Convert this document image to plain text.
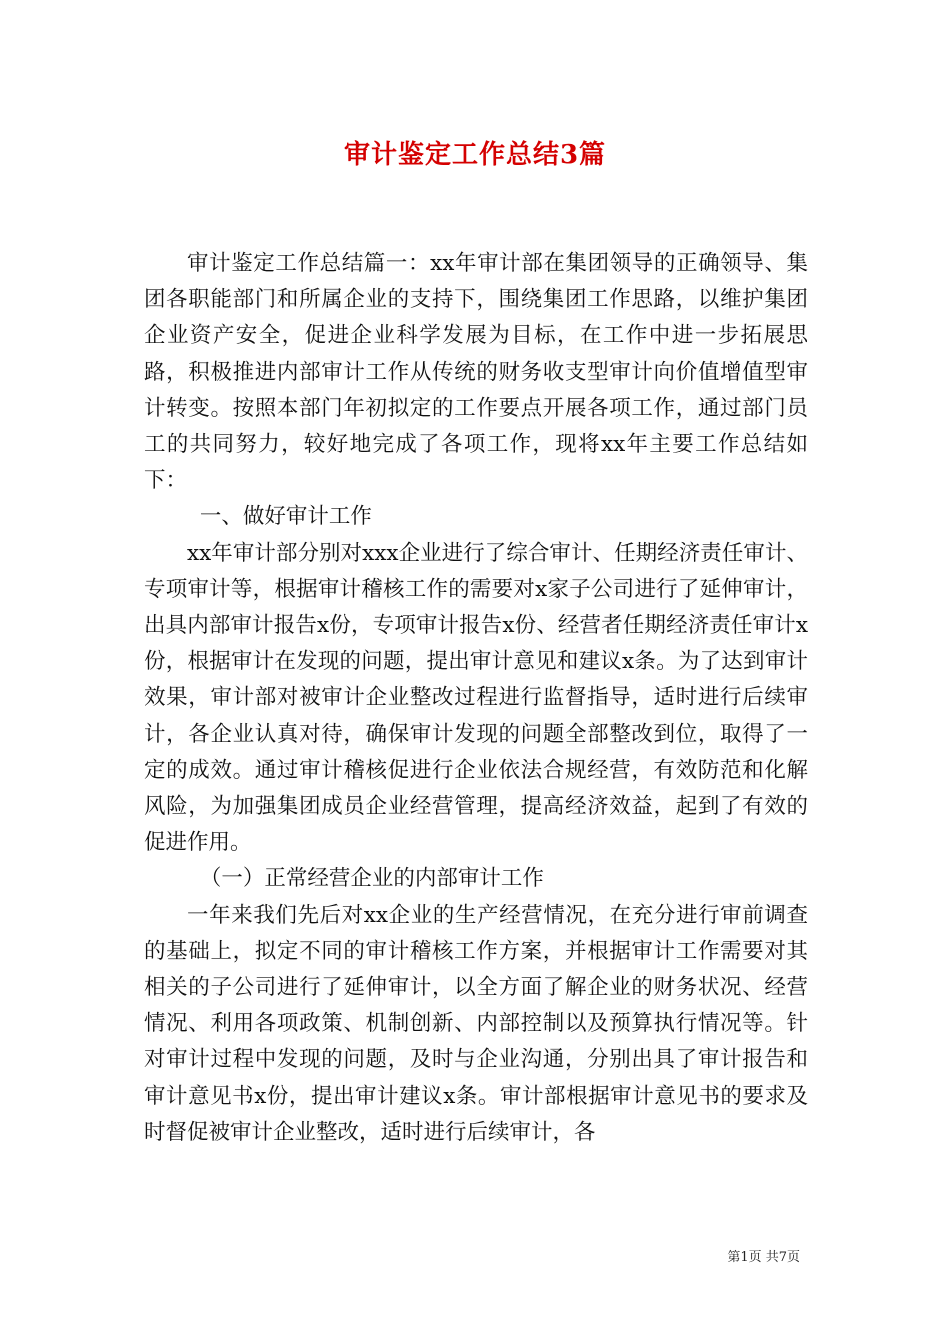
审计鉴定工作总结3篇

审计鉴定工作总结篇一：xx年审计部在集团领导的正确领导、集团各职能部门和所属企业的支持下，围绕集团工作思路，以维护集团企业资产安全，促进企业科学发展为目标，在工作中进一步拓展思路，积极推进内部审计工作从传统的财务收支型审计向价值增值型审计转变。按照本部门年初拟定的工作要点开展各项工作，通过部门员工的共同努力，较好地完成了各项工作，现将xx年主要工作总结如下：

一、做好审计工作

xx年审计部分别对xxx企业进行了综合审计、任期经济责任审计、专项审计等，根据审计稽核工作的需要对x家子公司进行了延伸审计，出具内部审计报告x份，专项审计报告x份、经营者任期经济责任审计x份，根据审计在发现的问题，提出审计意见和建议x条。为了达到审计效果，审计部对被审计企业整改过程进行监督指导，适时进行后续审计，各企业认真对待，确保审计发现的问题全部整改到位，取得了一定的成效。通过审计稽核促进行企业依法合规经营，有效防范和化解风险，为加强集团成员企业经营管理，提高经济效益，起到了有效的促进作用。

（一）正常经营企业的内部审计工作

一年来我们先后对xx企业的生产经营情况，在充分进行审前调查的基础上，拟定不同的审计稽核工作方案，并根据审计工作需要对其相关的子公司进行了延伸审计，以全方面了解企业的财务状况、经营情况、利用各项政策、机制创新、内部控制以及预算执行情况等。针对审计过程中发现的问题，及时与企业沟通，分别出具了审计报告和审计意见书x份，提出审计建议x条。审计部根据审计意见书的要求及时督促被审计企业整改，适时进行后续审计，各

第1页 共7页
